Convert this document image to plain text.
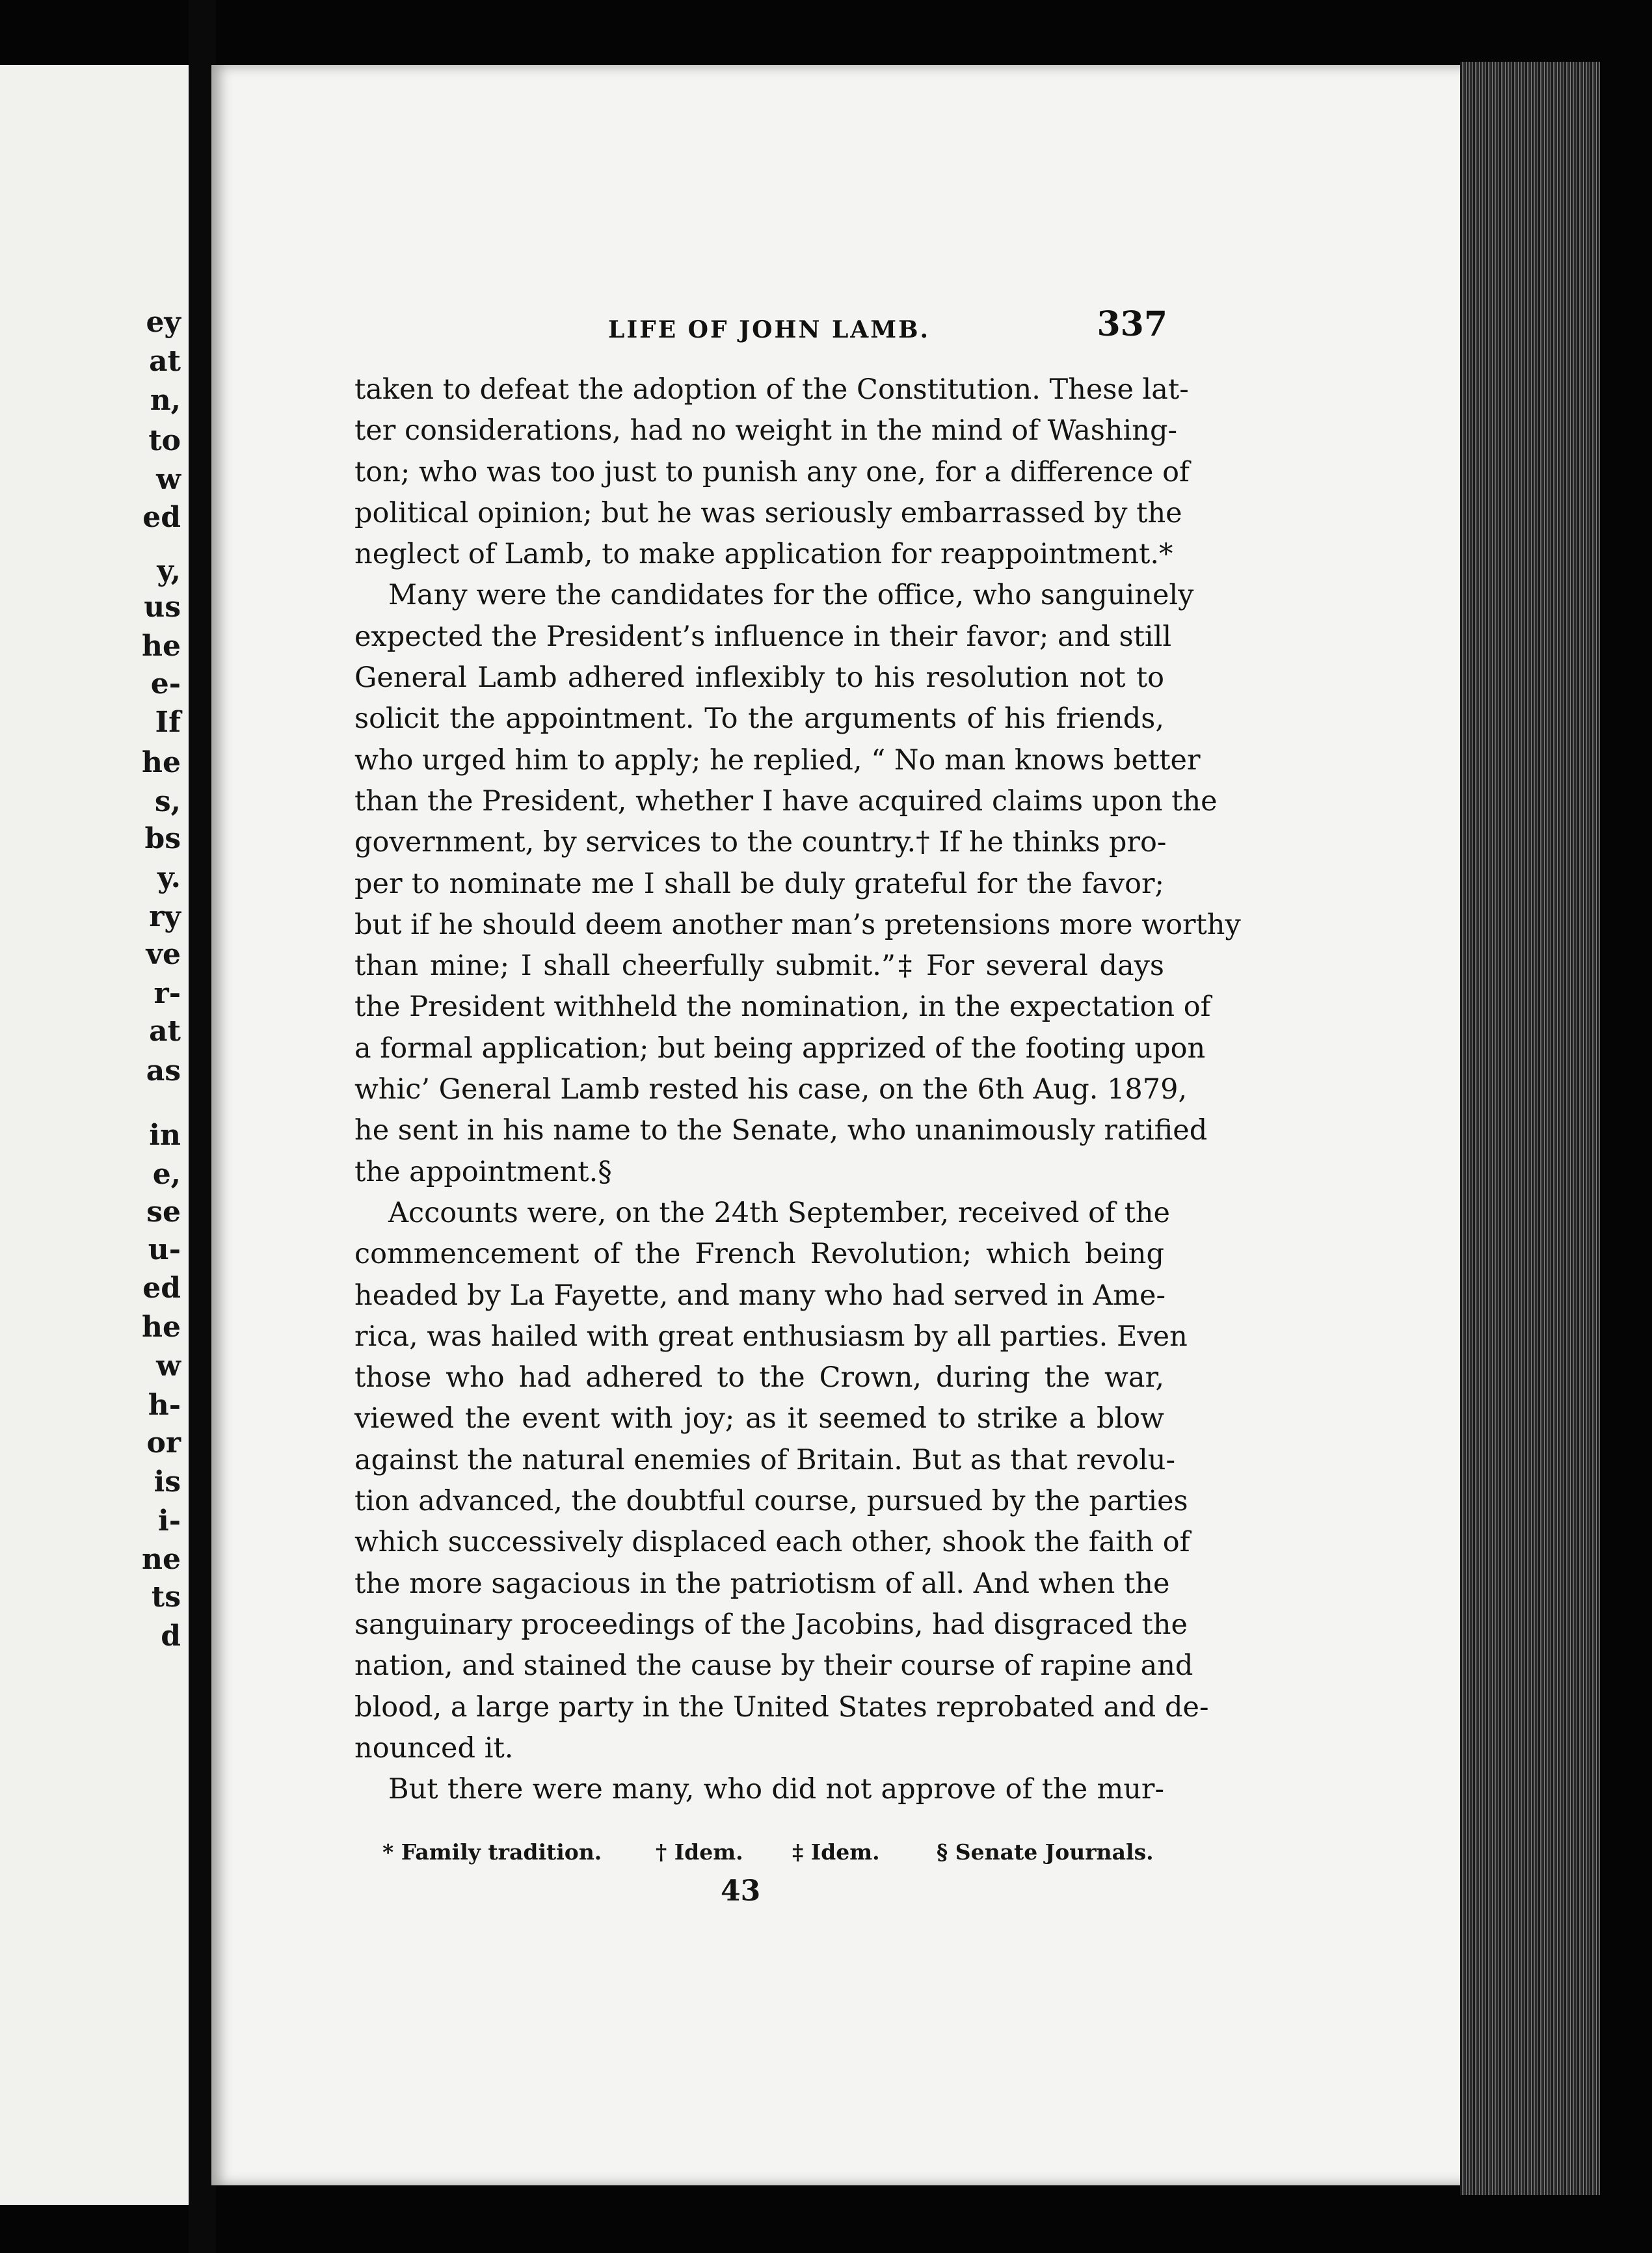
ey
at
n,
to
w
ed
y,
us
he
e-
If
he
s,
bs
y.
ry
ve
r-
at
as
in
e,
se
u-
ed
he
w
h-
or
is
i-
ne
ts
d
LIFE OF JOHN LAMB.	337
taken to defeat the adoption of the Constitution. These lat-
ter considerations, had no weight in the mind of Washing-
ton; who was too just to punish any one, for a difference of
political opinion; but he was seriously embarrassed by the
neglect of Lamb, to make application for reappointment.*
Many were the candidates for the office, who sanguinely
expected the President’s influence in their favor; and still
General Lamb adhered inflexibly to his resolution not to
solicit the appointment. To the arguments of his friends,
who urged him to apply; he replied, “ No man knows better
than the President, whether I have acquired claims upon the
government, by services to the country.† If he thinks pro-
per to nominate me I shall be duly grateful for the favor;
but if he should deem another man’s pretensions more worthy
than mine; I shall cheerfully submit.”‡ For several days
the President withheld the nomination, in the expectation of
a formal application; but being apprized of the footing upon
whic’ General Lamb rested his case, on the 6th Aug. 1879,
he sent in his name to the Senate, who unanimously ratified
the appointment.§
Accounts were, on the 24th September, received of the
commencement of the French Revolution; which being
headed by La Fayette, and many who had served in Ame-
rica, was hailed with great enthusiasm by all parties. Even
those who had adhered to the Crown, during the war,
viewed the event with joy; as it seemed to strike a blow
against the natural enemies of Britain. But as that revolu-
tion advanced, the doubtful course, pursued by the parties
which successively displaced each other, shook the faith of
the more sagacious in the patriotism of all. And when the
sanguinary proceedings of the Jacobins, had disgraced the
nation, and stained the cause by their course of rapine and
blood, a large party in the United States reprobated and de-
nounced it.
But there were many, who did not approve of the mur-
* Family tradition.	† Idem. ‡ Idem.	§ Senate Journals.
43
